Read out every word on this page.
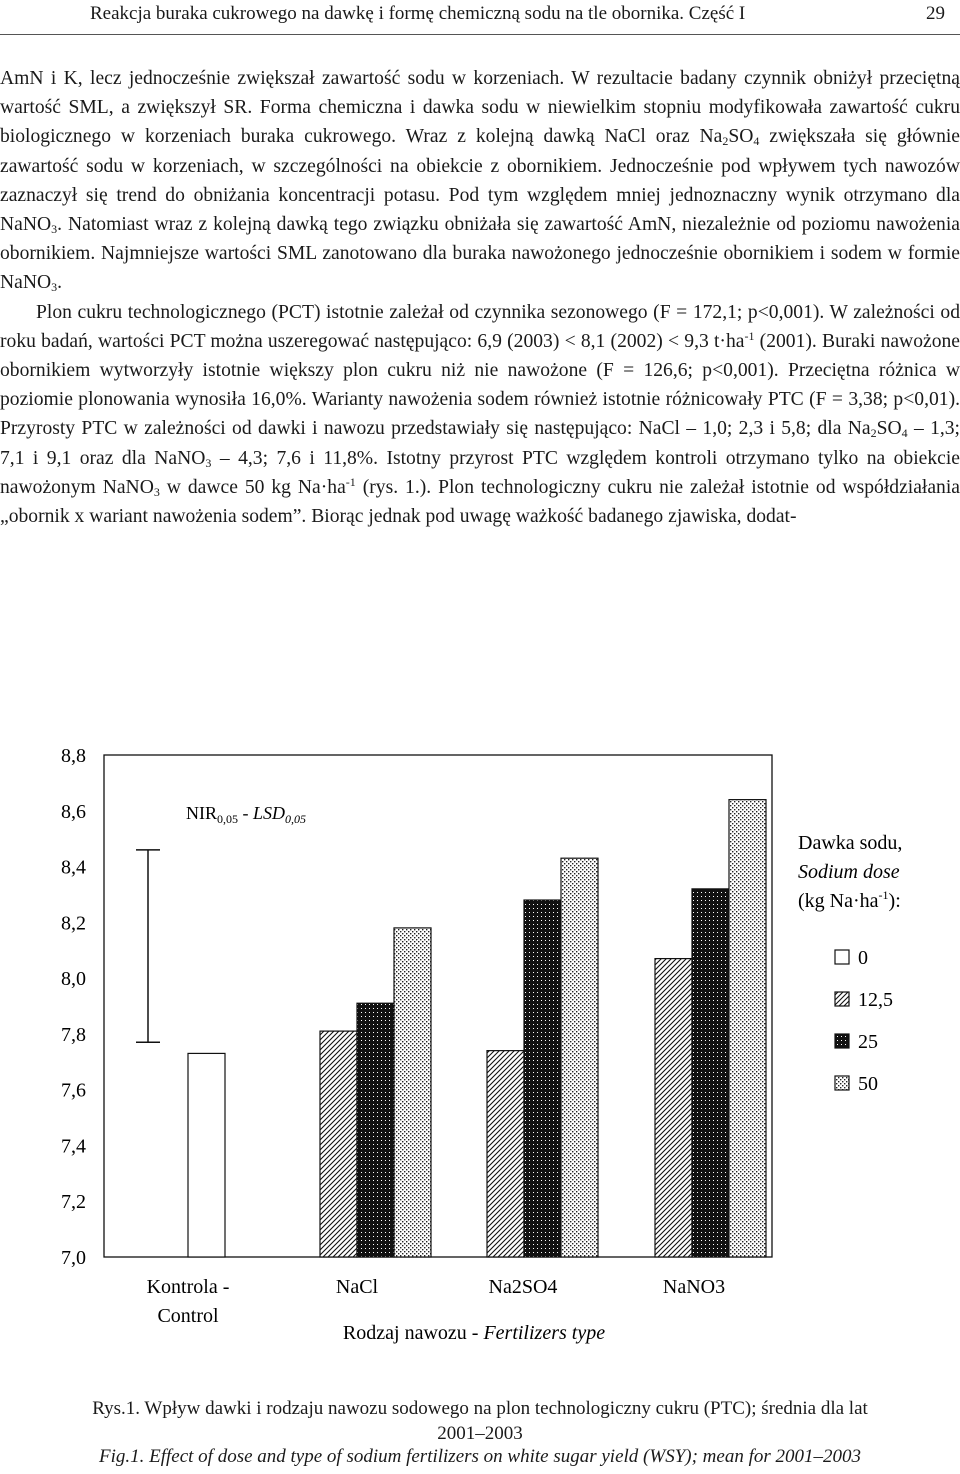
Reakcja buraka cukrowego na dawkę i formę chemiczną sodu na tle obornika. Część I	29

AmN i K, lecz jednocześnie zwiększał zawartość sodu w korzeniach. W rezultacie badany czynnik obniżył przeciętną wartość SML, a zwiększył SR. Forma chemiczna i dawka sodu w niewielkim stopniu modyfikowała zawartość cukru biologicznego w korzeniach buraka cukrowego. Wraz z kolejną dawką NaCl oraz $Na_2SO_4$ zwiększała się głównie zawartość sodu w korzeniach, w szczególności na obiekcie z obornikiem. Jednocześnie pod wpływem tych nawozów zaznaczył się trend do obniżania koncentracji potasu. Pod tym względem mniej jednoznaczny wynik otrzymano dla NaNO$_3$. Natomiast wraz z kolejną dawką tego związku obniżała się zawartość AmN, niezależnie od poziomu nawożenia obornikiem. Najmniejsze wartości SML zanotowano dla buraka nawożonego jednocześnie obornikiem i sodem w formie NaNO$_3$.

Plon cukru technologicznego (PCT) istotnie zależał od czynnika sezonowego (F = 172,1; p<0,001). W zależności od roku badań, wartości PCT można uszeregować następująco: 6,9 (2003) < 8,1 (2002) < 9,3 $t\cdot ha^{-1}$ (2001). Buraki nawożone obornikiem wytworzyły istotnie większy plon cukru niż nie nawożone (F = 126,6; p<0,001). Przeciętna różnica w poziomie plonowania wynosiła 16,0%. Warianty nawożenia sodem również istotnie różnicowały PTC (F = 3,38; p<0,01). Przyrosty PTC w zależności od dawki i nawozu przedstawiały się następująco: NaCl – 1,0; 2,3 i 5,8; dla $Na_2SO_4 - 1,3$; 7,1 i 9,1 oraz dla NaNO$_3$ – 4,3; 7,6 i 11,8%. Istotny przyrost PTC względem kontroli otrzymano tylko na obiekcie nawożonym NaNO$_3$ w dawce 50 kg $Na\cdot ha^{-1}$ (rys. 1.). Plon technologiczny cukru nie zależał istotnie od współdziałania „obornik x wariant nawożenia sodem”. Biorąc jednak pod uwagę ważkość badanego zjawiska, dodat-

7,0
7,2
7,4
7,6
7,8
8,0
8,2
8,4
8,6
8,8
$NIR_{0,05} - LSD_{0,05}$
Kontrola -
Control
NaCl	Na2SO4	NaNO3
Rodzaj nawozu - Fertilizers type
Dawka sodu,
Sodium dose
(kg $Na\cdot ha^{-1}$):
0
12,5
25
50
Rys.1. Wpływ dawki i rodzaju nawozu sodowego na plon technologiczny cukru (PTC); średnia dla lat
2001–2003
Fig.1. Effect of dose and type of sodium fertilizers on white sugar yield (WSY); mean for 2001–2003
